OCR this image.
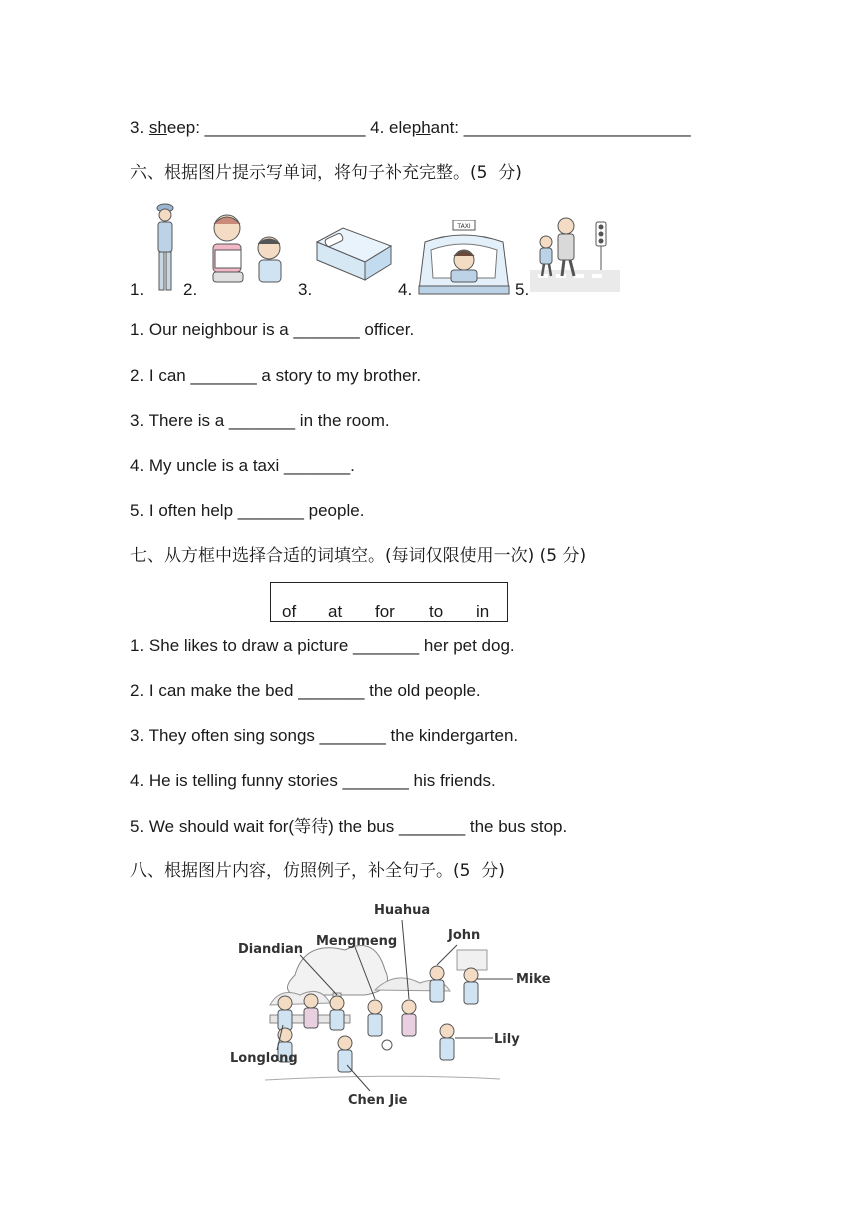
3. sheep: _________________ 4. elephant: ________________________
六、根据图片提示写单词，将句子补充完整。(5  分)
1. 2.	3.	4.	5.
TAXI
1. Our neighbour is a _______ officer.
2. I can _______ a story to my brother.
3. There is a _______ in the room.
4. My uncle is a taxi _______.
5. I often help _______ people.
七、从方框中选择合适的词填空。(每词仅限使用一次) (5 分)
of at for to in
1. She likes to draw a picture _______ her pet dog.
2. I can make the bed _______ the old people.
3. They often sing songs _______ the kindergarten.
4. He is telling funny stories _______ his friends.
5. We should wait for(等待) the bus _______ the bus stop.
八、根据图片内容，仿照例子，补全句子。(5  分)
Huahua
John
Diandian
Mengmeng
Mike
Lily
Longlong
Chen Jie
